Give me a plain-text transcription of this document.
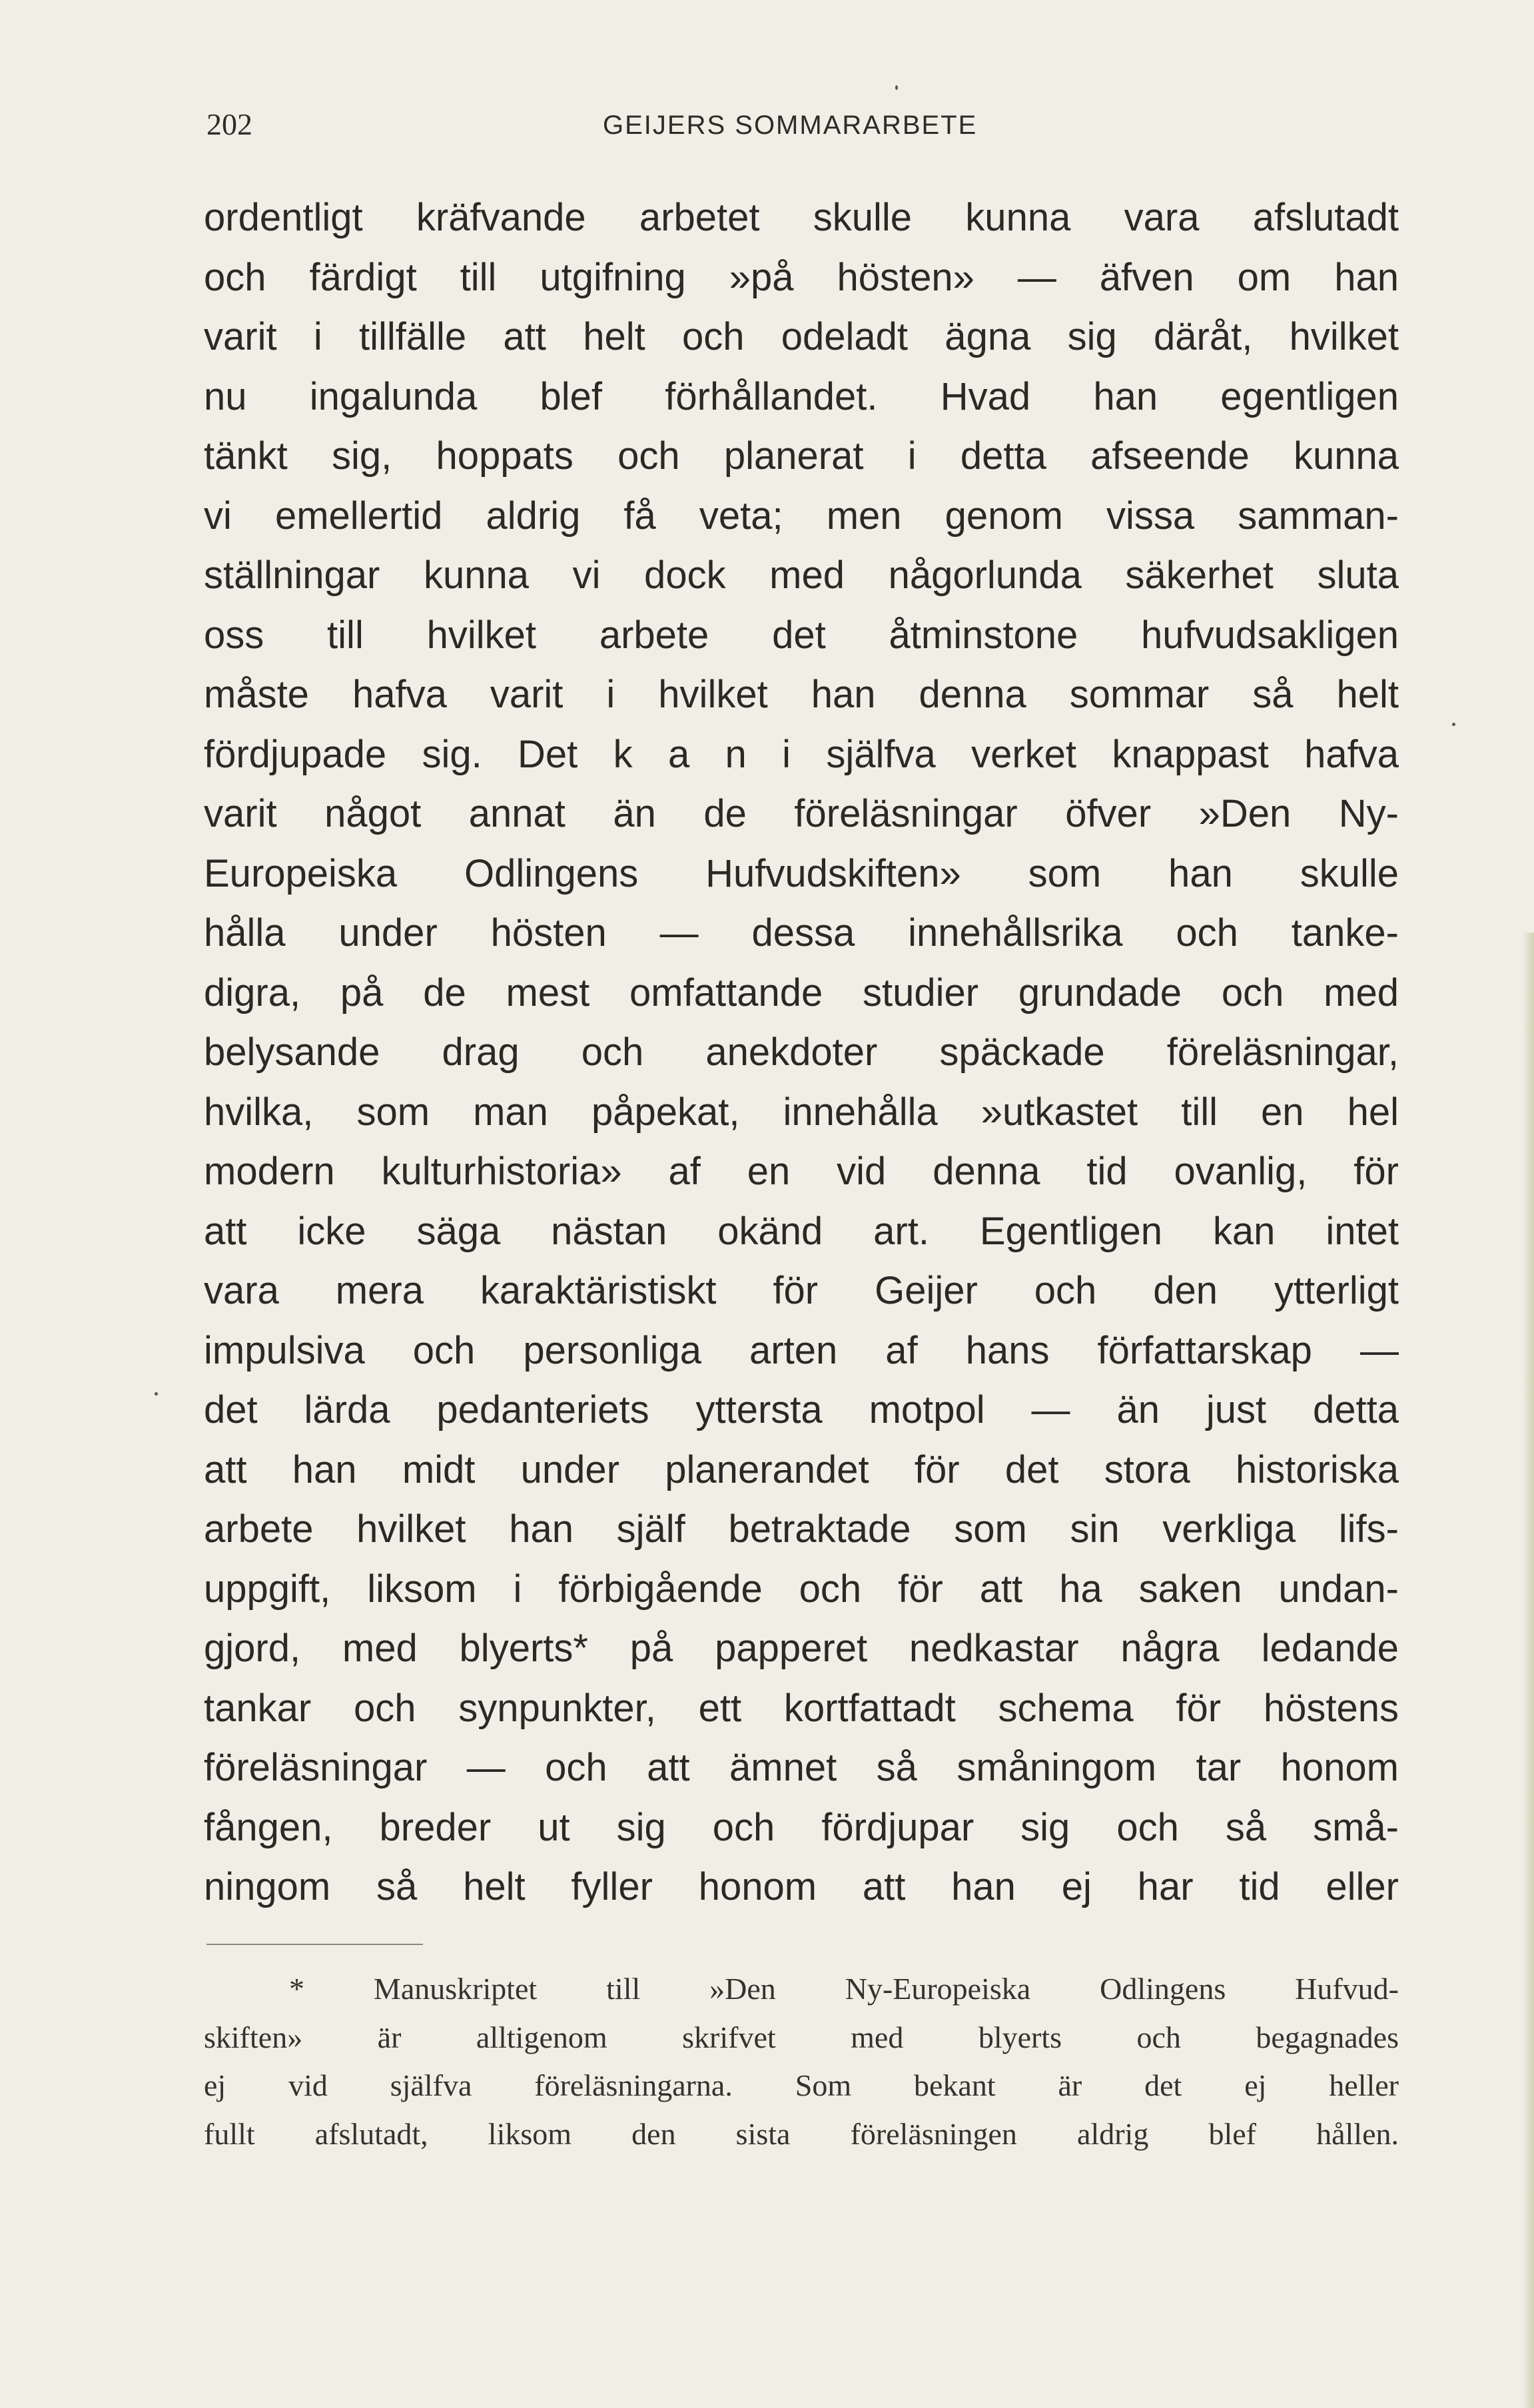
202	GEIJERS SOMMARARBETE
ordentligt kräfvande arbetet skulle kunna vara afslutadt
och färdigt till utgifning »på hösten» — äfven om han
varit i tillfälle att helt och odeladt ägna sig däråt, hvilket
nu ingalunda blef förhållandet. Hvad han egentligen
tänkt sig, hoppats och planerat i detta afseende kunna
vi emellertid aldrig få veta; men genom vissa samman-
ställningar kunna vi dock med någorlunda säkerhet sluta
oss till hvilket arbete det åtminstone hufvudsakligen
måste hafva varit i hvilket han denna sommar så helt
fördjupade sig. Det k a n i själfva verket knappast hafva
varit något annat än de föreläsningar öfver »Den Ny-
Europeiska Odlingens Hufvudskiften» som han skulle
hålla under hösten — dessa innehållsrika och tanke-
digra, på de mest omfattande studier grundade och med
belysande drag och anekdoter späckade föreläsningar,
hvilka, som man påpekat, innehålla »utkastet till en hel
modern kulturhistoria» af en vid denna tid ovanlig, för
att icke säga nästan okänd art. Egentligen kan intet
vara mera karaktäristiskt för Geijer och den ytterligt
impulsiva och personliga arten af hans författarskap —
det lärda pedanteriets yttersta motpol — än just detta
att han midt under planerandet för det stora historiska
arbete hvilket han själf betraktade som sin verkliga lifs-
uppgift, liksom i förbigående och för att ha saken undan-
gjord, med blyerts* på papperet nedkastar några ledande
tankar och synpunkter, ett kortfattadt schema för höstens
föreläsningar — och att ämnet så småningom tar honom
fången, breder ut sig och fördjupar sig och så små-
ningom så helt fyller honom att han ej har tid eller
* Manuskriptet till »Den Ny-Europeiska Odlingens Hufvud-
skiften» är alltigenom skrifvet med blyerts och begagnades
ej vid själfva föreläsningarna. Som bekant är det ej heller
fullt afslutadt, liksom den sista föreläsningen aldrig blef hållen.
